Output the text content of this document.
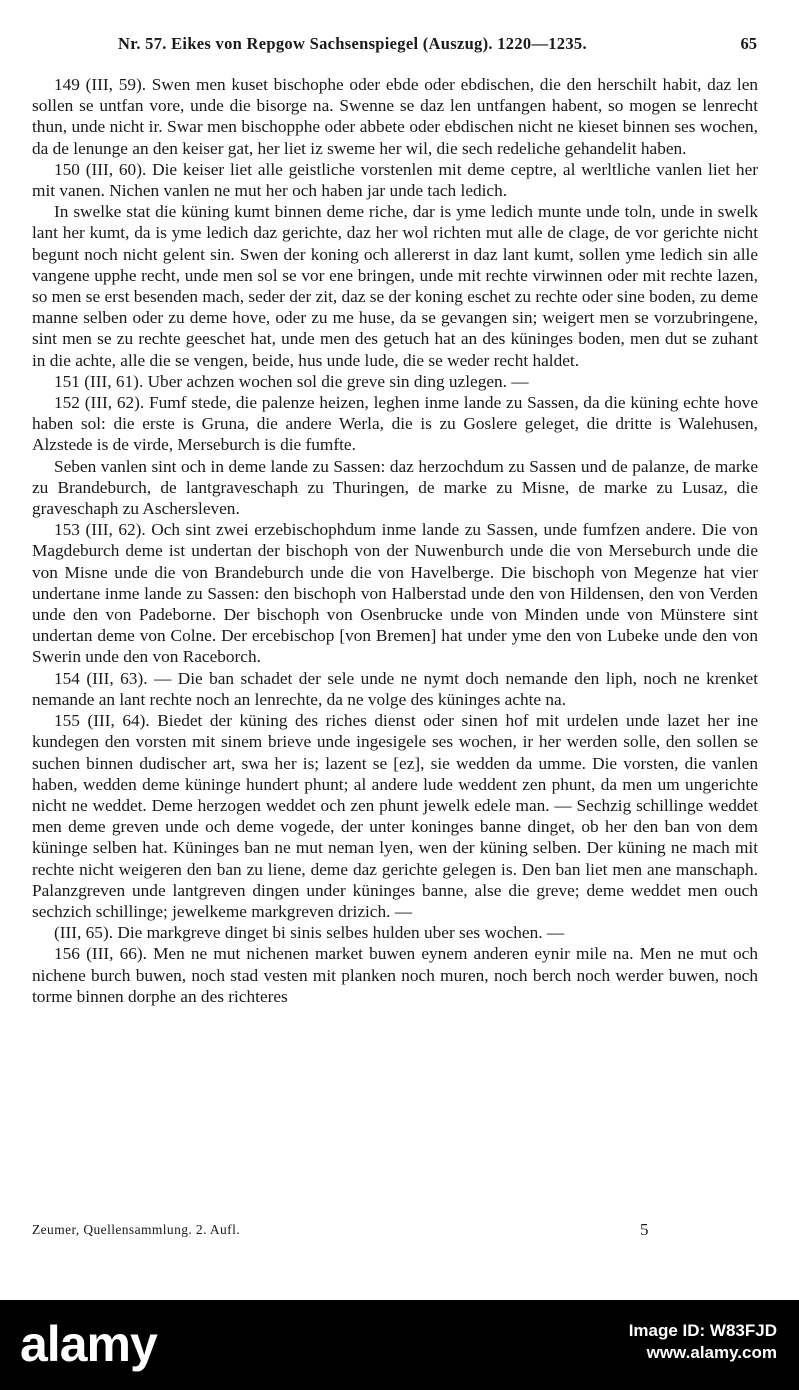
Nr. 57. Eikes von Repgow Sachsenspiegel (Auszug). 1220—1235.	65

149 (III, 59). Swen men kuset bischophe oder ebde oder ebdischen, die den herschilt habit, daz len sollen se untfan vore, unde die bisorge na. Swenne se daz len untfangen habent, so mogen se lenrecht thun, unde nicht ir. Swar men bischopphe oder abbete oder ebdischen nicht ne kieset binnen ses wochen, da de lenunge an den keiser gat, her liet iz sweme her wil, die sech redeliche gehandelit haben.

150 (III, 60). Die keiser liet alle geistliche vorstenlen mit deme ceptre, al werltliche vanlen liet her mit vanen. Nichen vanlen ne mut her och haben jar unde tach ledich.

In swelke stat die küning kumt binnen deme riche, dar is yme ledich munte unde toln, unde in swelk lant her kumt, da is yme ledich daz gerichte, daz her wol richten mut alle de clage, de vor gerichte nicht begunt noch nicht gelent sin. Swen der koning och allererst in daz lant kumt, sollen yme ledich sin alle vangene upphe recht, unde men sol se vor ene bringen, unde mit rechte virwinnen oder mit rechte lazen, so men se erst besenden mach, seder der zit, daz se der koning eschet zu rechte oder sine boden, zu deme manne selben oder zu deme hove, oder zu me huse, da se gevangen sin; weigert men se vorzubringene, sint men se zu rechte geeschet hat, unde men des getuch hat an des küninges boden, men dut se zuhant in die achte, alle die se vengen, beide, hus unde lude, die se weder recht haldet.

151 (III, 61). Uber achzen wochen sol die greve sin ding uzlegen. —

152 (III, 62). Fumf stede, die palenze heizen, leghen inme lande zu Sassen, da die küning echte hove haben sol: die erste is Gruna, die andere Werla, die is zu Goslere geleget, die dritte is Walehusen, Alzstede is de virde, Merseburch is die fumfte.

Seben vanlen sint och in deme lande zu Sassen: daz herzochdum zu Sassen und de palanze, de marke zu Brandeburch, de lantgraveschaph zu Thuringen, de marke zu Misne, de marke zu Lusaz, die graveschaph zu Aschersleven.

153 (III, 62). Och sint zwei erzebischophdum inme lande zu Sassen, unde fumfzen andere. Die von Magdeburch deme ist undertan der bischoph von der Nuwenburch unde die von Merseburch unde die von Misne unde die von Brandeburch unde die von Havelberge. Die bischoph von Megenze hat vier undertane inme lande zu Sassen: den bischoph von Halberstad unde den von Hildensen, den von Verden unde den von Padeborne. Der bischoph von Osenbrucke unde von Minden unde von Münstere sint undertan deme von Colne. Der ercebischop [von Bremen] hat under yme den von Lubeke unde den von Swerin unde den von Raceborch.

154 (III, 63). — Die ban schadet der sele unde ne nymt doch nemande den liph, noch ne krenket nemande an lant rechte noch an lenrechte, da ne volge des küninges achte na.

155 (III, 64). Biedet der küning des riches dienst oder sinen hof mit urdelen unde lazet her ine kundegen den vorsten mit sinem brieve unde ingesigele ses wochen, ir her werden solle, den sollen se suchen binnen dudischer art, swa her is; lazent se [ez], sie wedden da umme. Die vorsten, die vanlen haben, wedden deme küninge hundert phunt; al andere lude weddent zen phunt, da men um ungerichte nicht ne weddet. Deme herzogen weddet och zen phunt jewelk edele man. — Sechzig schillinge weddet men deme greven unde och deme vogede, der unter koninges banne dinget, ob her den ban von dem küninge selben hat. Küninges ban ne mut neman lyen, wen der küning selben. Der küning ne mach mit rechte nicht weigeren den ban zu liene, deme daz gerichte gelegen is. Den ban liet men ane manschaph. Palanzgreven unde lantgreven dingen under küninges banne, alse die greve; deme weddet men ouch sechzich schillinge; jewelkeme markgreven drizich. —

(III, 65). Die markgreve dinget bi sinis selbes hulden uber ses wochen. —

156 (III, 66). Men ne mut nichenen market buwen eynem anderen eynir mile na. Men ne mut och nichene burch buwen, noch stad vesten mit planken noch muren, noch berch noch werder buwen, noch torme binnen dorphe an des richteres

Zeumer, Quellensammlung. 2. Aufl.	5
alamy	Image ID: W83FJD
www.alamy.com
